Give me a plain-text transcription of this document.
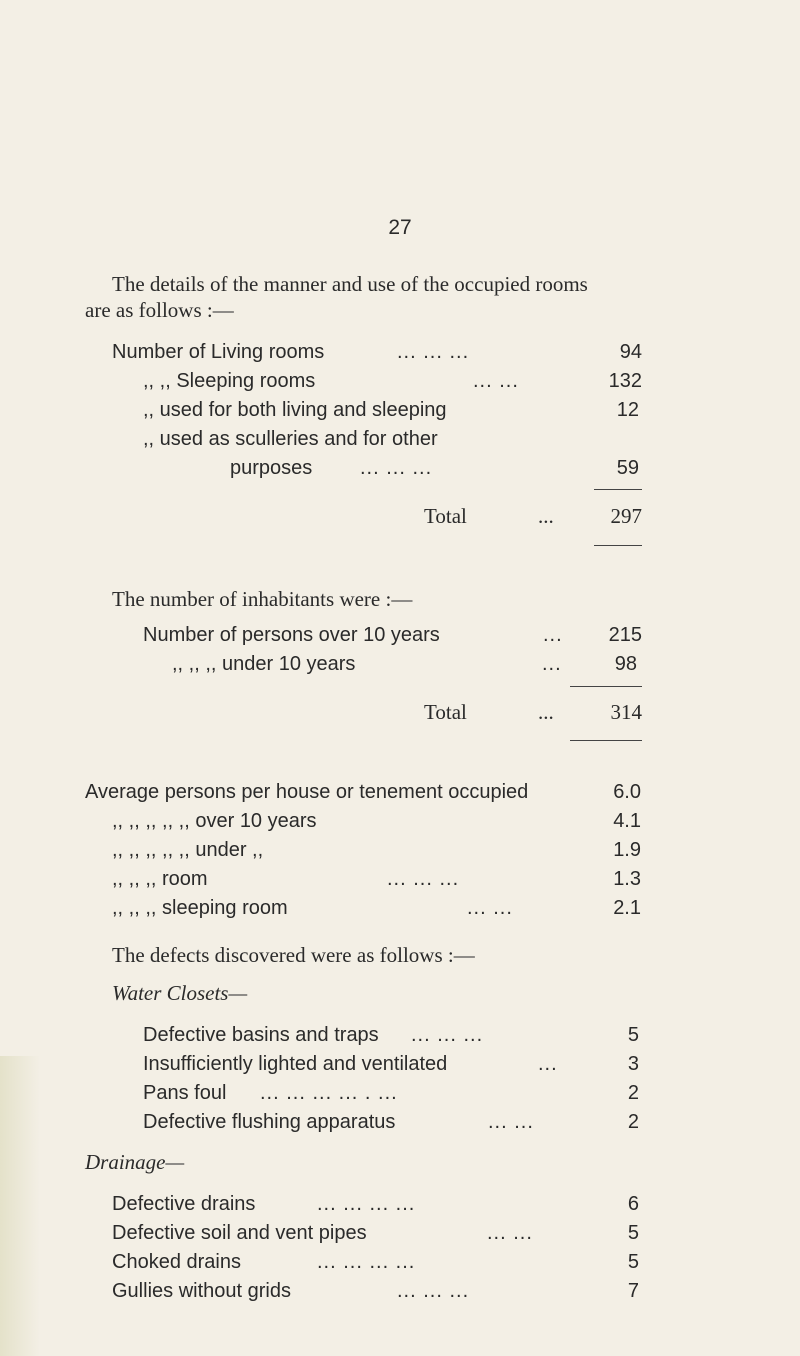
27
The details of the manner and use of the occupied rooms
are as follows :—
Number of Living rooms	... ... ...	94
,, ,, Sleeping rooms	... ...	132
,, used for both living and sleeping	12
,, used as sculleries and for other
purposes ... ... ...	59
Total	...	297
The number of inhabitants were :—
Number of persons over 10 years	... 215
,, ,, ,, under 10 years	...	98
Total	...	314
Average persons per house or tenement occupied	6.0
,, ,, ,, ,, ,, over 10 years	4.1
,, ,, ,, ,, ,, under ,,	1.9
,, ,, ,, room	... ... ...	1.3
,, ,, ,, sleeping room	... ...	2.1
The defects discovered were as follows :—
Water Closets—
Defective basins and traps ... ... ...	5
Insufficiently lighted and ventilated	...	3
Pans foul ... ... ... ... . ...	2
Defective flushing apparatus	... ...	2
Drainage—
Defective drains	... ... ... ...	6
Defective soil and vent pipes	... ...	5
Choked drains	... ... ... ...	5
Gullies without grids	... ... ...	7
